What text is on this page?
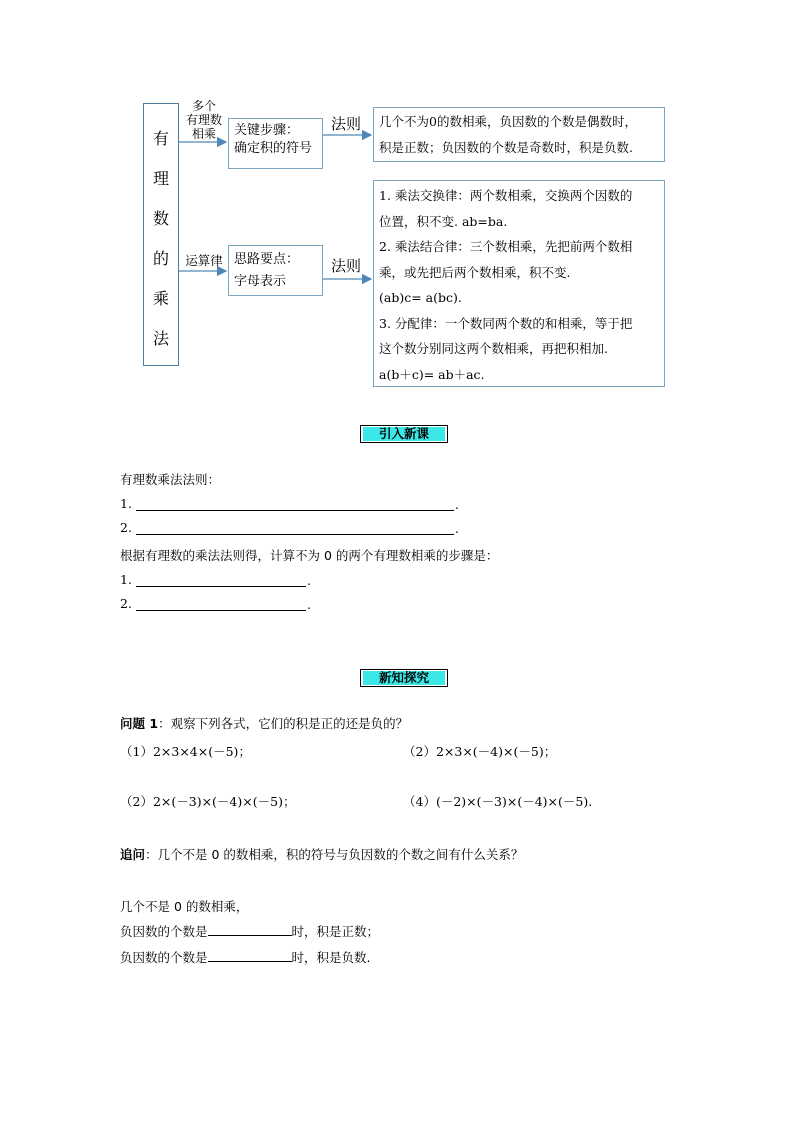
有
理
数
的
乘
法
多个
有理数
相乘	关键步骤：
确定积的符号
法则 几个不为0的数相乘，负因数的个数是偶数时，
积是正数；负因数的个数是奇数时，积是负数.
运算律 思路要点：
字母表示
法则
1. 乘法交换律：两个数相乘，交换两个因数的
位置，积不变. ab=ba.
2. 乘法结合律：三个数相乘，先把前两个数相
乘，或先把后两个数相乘，积不变.
(ab)c= a(bc).
3. 分配律：一个数同两个数的和相乘，等于把
这个数分别同这两个数相乘，再把积相加.
a(b＋c)= ab＋ac.
引入新课
有理数乘法法则：
1.	.
2.	.
根据有理数的乘法法则得，计算不为 0 的两个有理数相乘的步骤是：
1.	.
2.	.
新知探究
问题 1：观察下列各式，它们的积是正的还是负的？
（1）2×3×4×(－5)；	（2）2×3×(－4)×(－5)；
（2）2×(－3)×(－4)×(－5)；	（4）(－2)×(－3)×(－4)×(－5).
追问：几个不是 0 的数相乘，积的符号与负因数的个数之间有什么关系？
几个不是 0 的数相乘，
负因数的个数是	时，积是正数；
负因数的个数是	时，积是负数.
